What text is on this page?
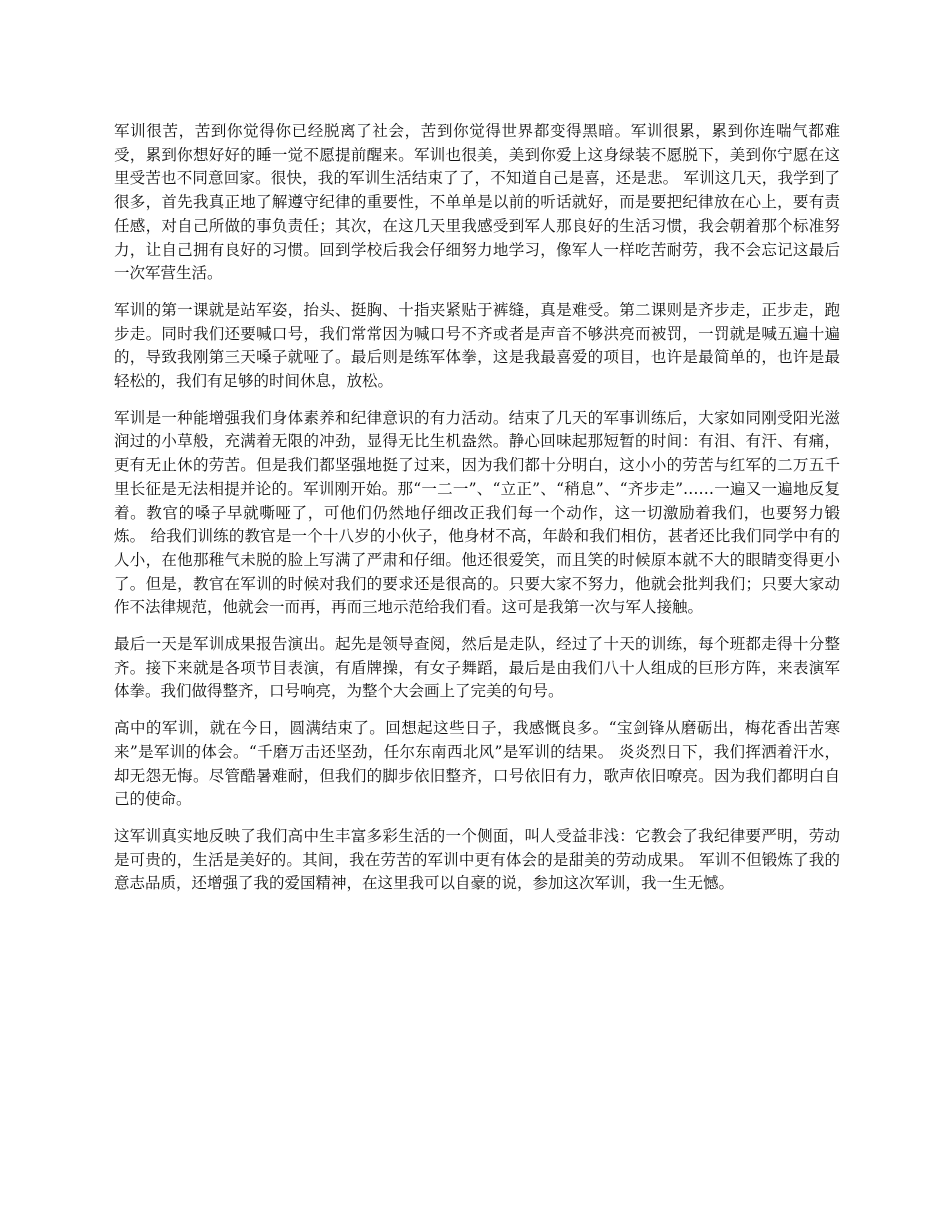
军训很苦，苦到你觉得你已经脱离了社会，苦到你觉得世界都变得黑暗。军训很累，累到你连喘气都难受，累到你想好好的睡一觉不愿提前醒来。军训也很美，美到你爱上这身绿装不愿脱下，美到你宁愿在这里受苦也不同意回家。很快，我的军训生活结束了了，不知道自己是喜，还是悲。 军训这几天，我学到了很多，首先我真正地了解遵守纪律的重要性，不单单是以前的听话就好，而是要把纪律放在心上，要有责任感，对自己所做的事负责任；其次，在这几天里我感受到军人那良好的生活习惯，我会朝着那个标准努力，让自己拥有良好的习惯。回到学校后我会仔细努力地学习，像军人一样吃苦耐劳，我不会忘记这最后一次军营生活。

军训的第一课就是站军姿，抬头、挺胸、十指夹紧贴于裤缝，真是难受。第二课则是齐步走，正步走，跑步走。同时我们还要喊口号，我们常常因为喊口号不齐或者是声音不够洪亮而被罚，一罚就是喊五遍十遍的，导致我刚第三天嗓子就哑了。最后则是练军体拳，这是我最喜爱的项目，也许是最简单的，也许是最轻松的，我们有足够的时间休息，放松。

军训是一种能增强我们身体素养和纪律意识的有力活动。结束了几天的军事训练后，大家如同刚受阳光滋润过的小草般，充满着无限的冲劲，显得无比生机盎然。静心回味起那短暂的时间：有泪、有汗、有痛，更有无止休的劳苦。但是我们都坚强地挺了过来，因为我们都十分明白，这小小的劳苦与红军的二万五千里长征是无法相提并论的。军训刚开始。那“一二一”、“立正”、“稍息”、“齐步走”……一遍又一遍地反复着。教官的嗓子早就嘶哑了，可他们仍然地仔细改正我们每一个动作，这一切激励着我们，也要努力锻炼。 给我们训练的教官是一个十八岁的小伙子，他身材不高，年龄和我们相仿，甚者还比我们同学中有的人小，在他那稚气未脱的脸上写满了严肃和仔细。他还很爱笑，而且笑的时候原本就不大的眼睛变得更小了。但是，教官在军训的时候对我们的要求还是很高的。只要大家不努力，他就会批判我们；只要大家动作不法律规范，他就会一而再，再而三地示范给我们看。这可是我第一次与军人接触。

最后一天是军训成果报告演出。起先是领导查阅，然后是走队，经过了十天的训练，每个班都走得十分整齐。接下来就是各项节目表演，有盾牌操，有女子舞蹈，最后是由我们八十人组成的巨形方阵，来表演军体拳。我们做得整齐，口号响亮，为整个大会画上了完美的句号。

高中的军训，就在今日，圆满结束了。回想起这些日子，我感慨良多。“宝剑锋从磨砺出，梅花香出苦寒来”是军训的体会。“千磨万击还坚劲，任尔东南西北风”是军训的结果。 炎炎烈日下，我们挥洒着汗水，却无怨无悔。尽管酷暑难耐，但我们的脚步依旧整齐，口号依旧有力，歌声依旧嘹亮。因为我们都明白自己的使命。

这军训真实地反映了我们高中生丰富多彩生活的一个侧面，叫人受益非浅：它教会了我纪律要严明，劳动是可贵的，生活是美好的。其间，我在劳苦的军训中更有体会的是甜美的劳动成果。 军训不但锻炼了我的意志品质，还增强了我的爱国精神，在这里我可以自豪的说，参加这次军训，我一生无憾。
